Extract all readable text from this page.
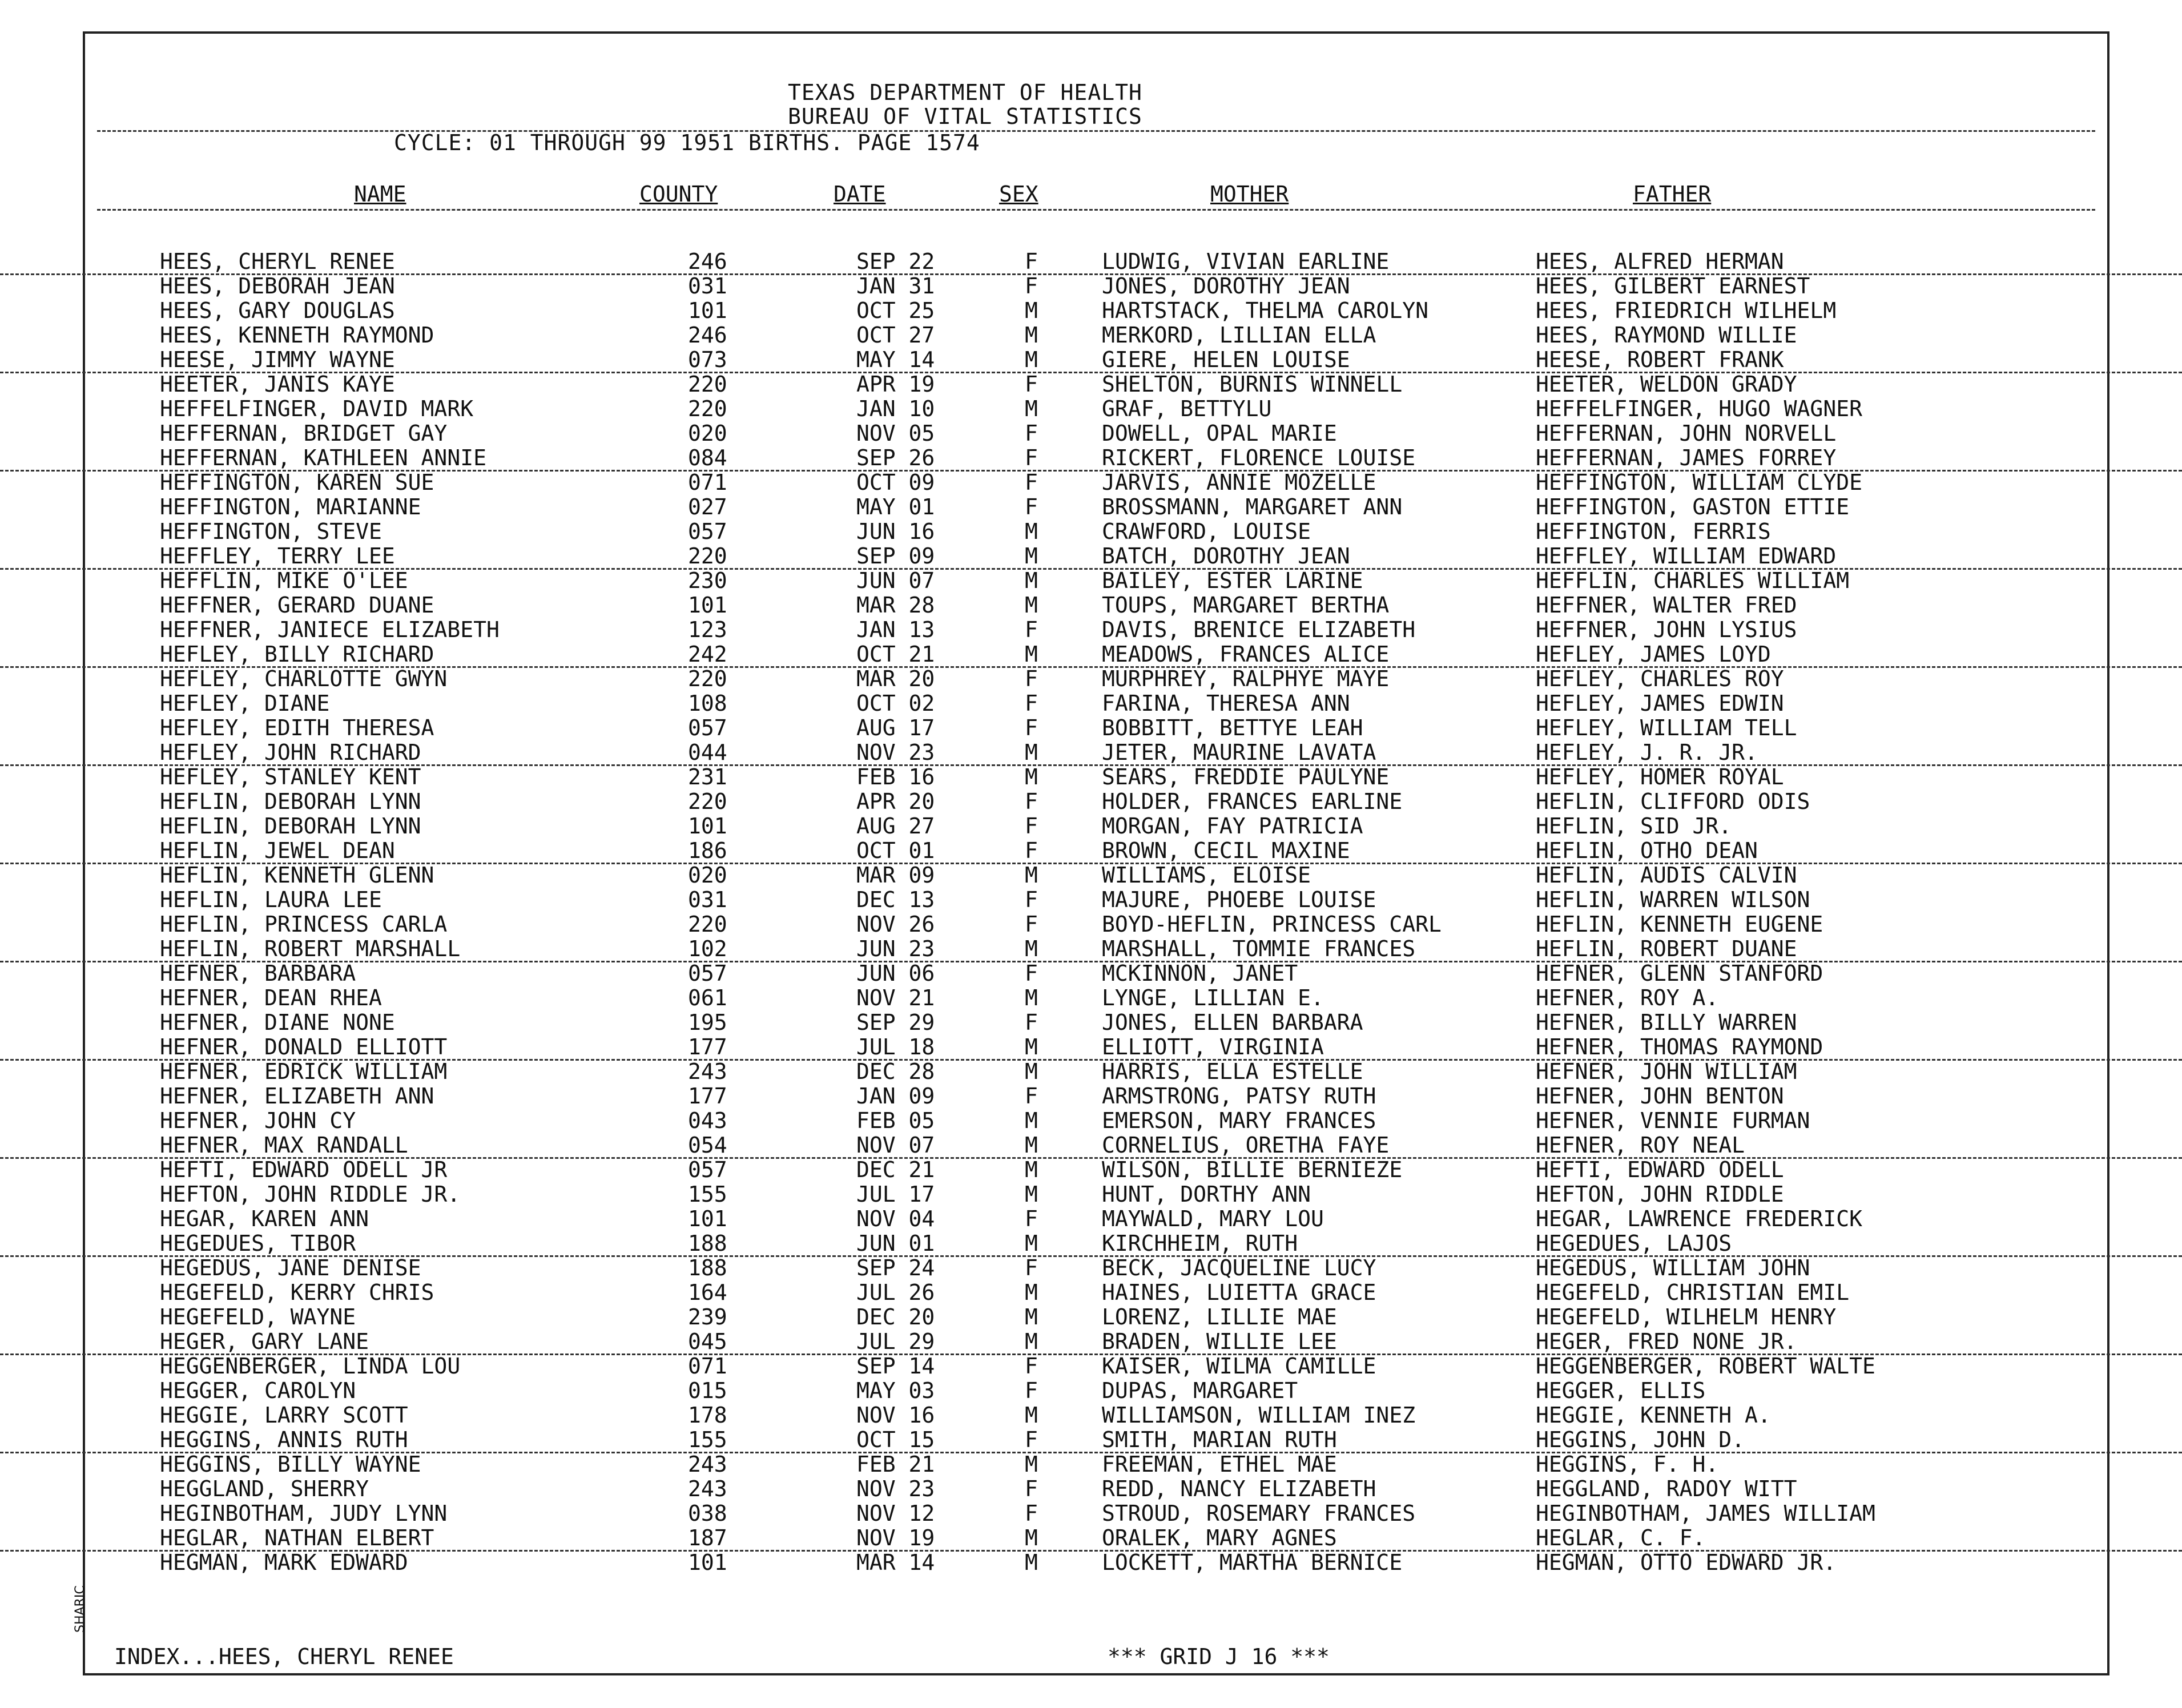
TEXAS DEPARTMENT OF HEALTH
BUREAU OF VITAL STATISTICS
CYCLE: 01 THROUGH 99 1951 BIRTHS. PAGE 1574
NAME	COUNTY	DATE	SEX	MOTHER	FATHER
HEES, CHERYL RENEE	246	SEP 22	F	LUDWIG, VIVIAN EARLINE	HEES, ALFRED HERMAN
HEES, DEBORAH JEAN	031	JAN 31	F	JONES, DOROTHY JEAN	HEES, GILBERT EARNEST
HEES, GARY DOUGLAS	101	OCT 25	M	HARTSTACK, THELMA CAROLYN	HEES, FRIEDRICH WILHELM
HEES, KENNETH RAYMOND	246	OCT 27	M	MERKORD, LILLIAN ELLA	HEES, RAYMOND WILLIE
HEESE, JIMMY WAYNE	073	MAY 14	M	GIERE, HELEN LOUISE	HEESE, ROBERT FRANK
HEETER, JANIS KAYE	220	APR 19	F	SHELTON, BURNIS WINNELL	HEETER, WELDON GRADY
HEFFELFINGER, DAVID MARK	220	JAN 10	M	GRAF, BETTYLU	HEFFELFINGER, HUGO WAGNER
HEFFERNAN, BRIDGET GAY	020	NOV 05	F	DOWELL, OPAL MARIE	HEFFERNAN, JOHN NORVELL
HEFFERNAN, KATHLEEN ANNIE	084	SEP 26	F	RICKERT, FLORENCE LOUISE	HEFFERNAN, JAMES FORREY
HEFFINGTON, KAREN SUE	071	OCT 09	F	JARVIS, ANNIE MOZELLE	HEFFINGTON, WILLIAM CLYDE
HEFFINGTON, MARIANNE	027	MAY 01	F	BROSSMANN, MARGARET ANN	HEFFINGTON, GASTON ETTIE
HEFFINGTON, STEVE	057	JUN 16	M	CRAWFORD, LOUISE	HEFFINGTON, FERRIS
HEFFLEY, TERRY LEE	220	SEP 09	M	BATCH, DOROTHY JEAN	HEFFLEY, WILLIAM EDWARD
HEFFLIN, MIKE O'LEE	230	JUN 07	M	BAILEY, ESTER LARINE	HEFFLIN, CHARLES WILLIAM
HEFFNER, GERARD DUANE	101	MAR 28	M	TOUPS, MARGARET BERTHA	HEFFNER, WALTER FRED
HEFFNER, JANIECE ELIZABETH	123	JAN 13	F	DAVIS, BRENICE ELIZABETH	HEFFNER, JOHN LYSIUS
HEFLEY, BILLY RICHARD	242	OCT 21	M	MEADOWS, FRANCES ALICE	HEFLEY, JAMES LOYD
HEFLEY, CHARLOTTE GWYN	220	MAR 20	F	MURPHREY, RALPHYE MAYE	HEFLEY, CHARLES ROY
HEFLEY, DIANE	108	OCT 02	F	FARINA, THERESA ANN	HEFLEY, JAMES EDWIN
HEFLEY, EDITH THERESA	057	AUG 17	F	BOBBITT, BETTYE LEAH	HEFLEY, WILLIAM TELL
HEFLEY, JOHN RICHARD	044	NOV 23	M	JETER, MAURINE LAVATA	HEFLEY, J. R. JR.
HEFLEY, STANLEY KENT	231	FEB 16	M	SEARS, FREDDIE PAULYNE	HEFLEY, HOMER ROYAL
HEFLIN, DEBORAH LYNN	220	APR 20	F	HOLDER, FRANCES EARLINE	HEFLIN, CLIFFORD ODIS
HEFLIN, DEBORAH LYNN	101	AUG 27	F	MORGAN, FAY PATRICIA	HEFLIN, SID JR.
HEFLIN, JEWEL DEAN	186	OCT 01	F	BROWN, CECIL MAXINE	HEFLIN, OTHO DEAN
HEFLIN, KENNETH GLENN	020	MAR 09	M	WILLIAMS, ELOISE	HEFLIN, AUDIS CALVIN
HEFLIN, LAURA LEE	031	DEC 13	F	MAJURE, PHOEBE LOUISE	HEFLIN, WARREN WILSON
HEFLIN, PRINCESS CARLA	220	NOV 26	F	BOYD-HEFLIN, PRINCESS CARL	HEFLIN, KENNETH EUGENE
HEFLIN, ROBERT MARSHALL	102	JUN 23	M	MARSHALL, TOMMIE FRANCES	HEFLIN, ROBERT DUANE
HEFNER, BARBARA	057	JUN 06	F	MCKINNON, JANET	HEFNER, GLENN STANFORD
HEFNER, DEAN RHEA	061	NOV 21	M	LYNGE, LILLIAN E.	HEFNER, ROY A.
HEFNER, DIANE NONE	195	SEP 29	F	JONES, ELLEN BARBARA	HEFNER, BILLY WARREN
HEFNER, DONALD ELLIOTT	177	JUL 18	M	ELLIOTT, VIRGINIA	HEFNER, THOMAS RAYMOND
HEFNER, EDRICK WILLIAM	243	DEC 28	M	HARRIS, ELLA ESTELLE	HEFNER, JOHN WILLIAM
HEFNER, ELIZABETH ANN	177	JAN 09	F	ARMSTRONG, PATSY RUTH	HEFNER, JOHN BENTON
HEFNER, JOHN CY	043	FEB 05	M	EMERSON, MARY FRANCES	HEFNER, VENNIE FURMAN
HEFNER, MAX RANDALL	054	NOV 07	M	CORNELIUS, ORETHA FAYE	HEFNER, ROY NEAL
HEFTI, EDWARD ODELL JR	057	DEC 21	M	WILSON, BILLIE BERNIEZE	HEFTI, EDWARD ODELL
HEFTON, JOHN RIDDLE JR.	155	JUL 17	M	HUNT, DORTHY ANN	HEFTON, JOHN RIDDLE
HEGAR, KAREN ANN	101	NOV 04	F	MAYWALD, MARY LOU	HEGAR, LAWRENCE FREDERICK
HEGEDUES, TIBOR	188	JUN 01	M	KIRCHHEIM, RUTH	HEGEDUES, LAJOS
HEGEDUS, JANE DENISE	188	SEP 24	F	BECK, JACQUELINE LUCY	HEGEDUS, WILLIAM JOHN
HEGEFELD, KERRY CHRIS	164	JUL 26	M	HAINES, LUIETTA GRACE	HEGEFELD, CHRISTIAN EMIL
HEGEFELD, WAYNE	239	DEC 20	M	LORENZ, LILLIE MAE	HEGEFELD, WILHELM HENRY
HEGER, GARY LANE	045	JUL 29	M	BRADEN, WILLIE LEE	HEGER, FRED NONE JR.
HEGGENBERGER, LINDA LOU	071	SEP 14	F	KAISER, WILMA CAMILLE	HEGGENBERGER, ROBERT WALTE
HEGGER, CAROLYN	015	MAY 03	F	DUPAS, MARGARET	HEGGER, ELLIS
HEGGIE, LARRY SCOTT	178	NOV 16	M	WILLIAMSON, WILLIAM INEZ	HEGGIE, KENNETH A.
HEGGINS, ANNIS RUTH	155	OCT 15	F	SMITH, MARIAN RUTH	HEGGINS, JOHN D.
HEGGINS, BILLY WAYNE	243	FEB 21	M	FREEMAN, ETHEL MAE	HEGGINS, F. H.
HEGGLAND, SHERRY	243	NOV 23	F	REDD, NANCY ELIZABETH	HEGGLAND, RADOY WITT
HEGINBOTHAM, JUDY LYNN	038	NOV 12	F	STROUD, ROSEMARY FRANCES	HEGINBOTHAM, JAMES WILLIAM
HEGLAR, NATHAN ELBERT	187	NOV 19	M	ORALEK, MARY AGNES	HEGLAR, C. F.
HEGMAN, MARK EDWARD	101	MAR 14	M	LOCKETT, MARTHA BERNICE	HEGMAN, OTTO EDWARD JR.
INDEX...HEES, CHERYL RENEE	*** GRID J 16 ***
SHARIC
